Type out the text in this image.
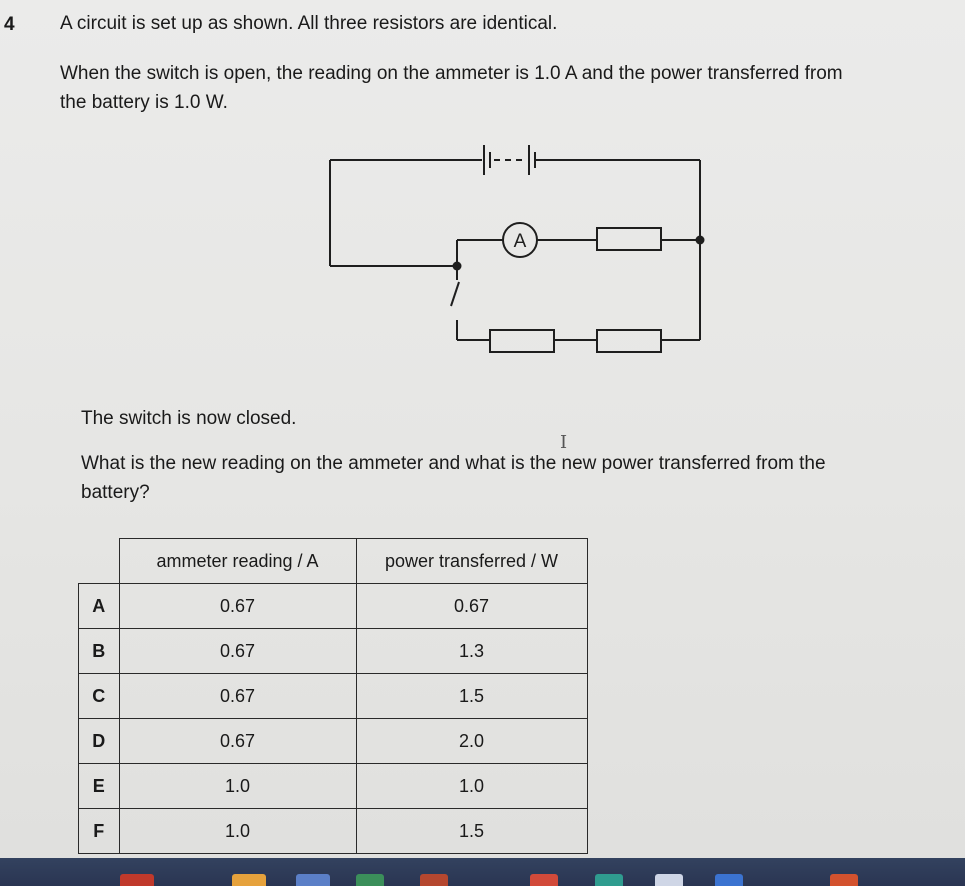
4 A circuit is set up as shown. All three resistors are identical.
When the switch is open, the reading on the ammeter is 1.0 A and the power transferred from
the battery is 1.0 W.
A
The switch is now closed.
I
What is the new reading on the ammeter and what is the new power transferred from the
battery?
	ammeter reading / A	power transferred / W
A	0.67	0.67
B	0.67	1.3
C	0.67	1.5
D	0.67	2.0
E	1.0	1.0
F	1.0	1.5
